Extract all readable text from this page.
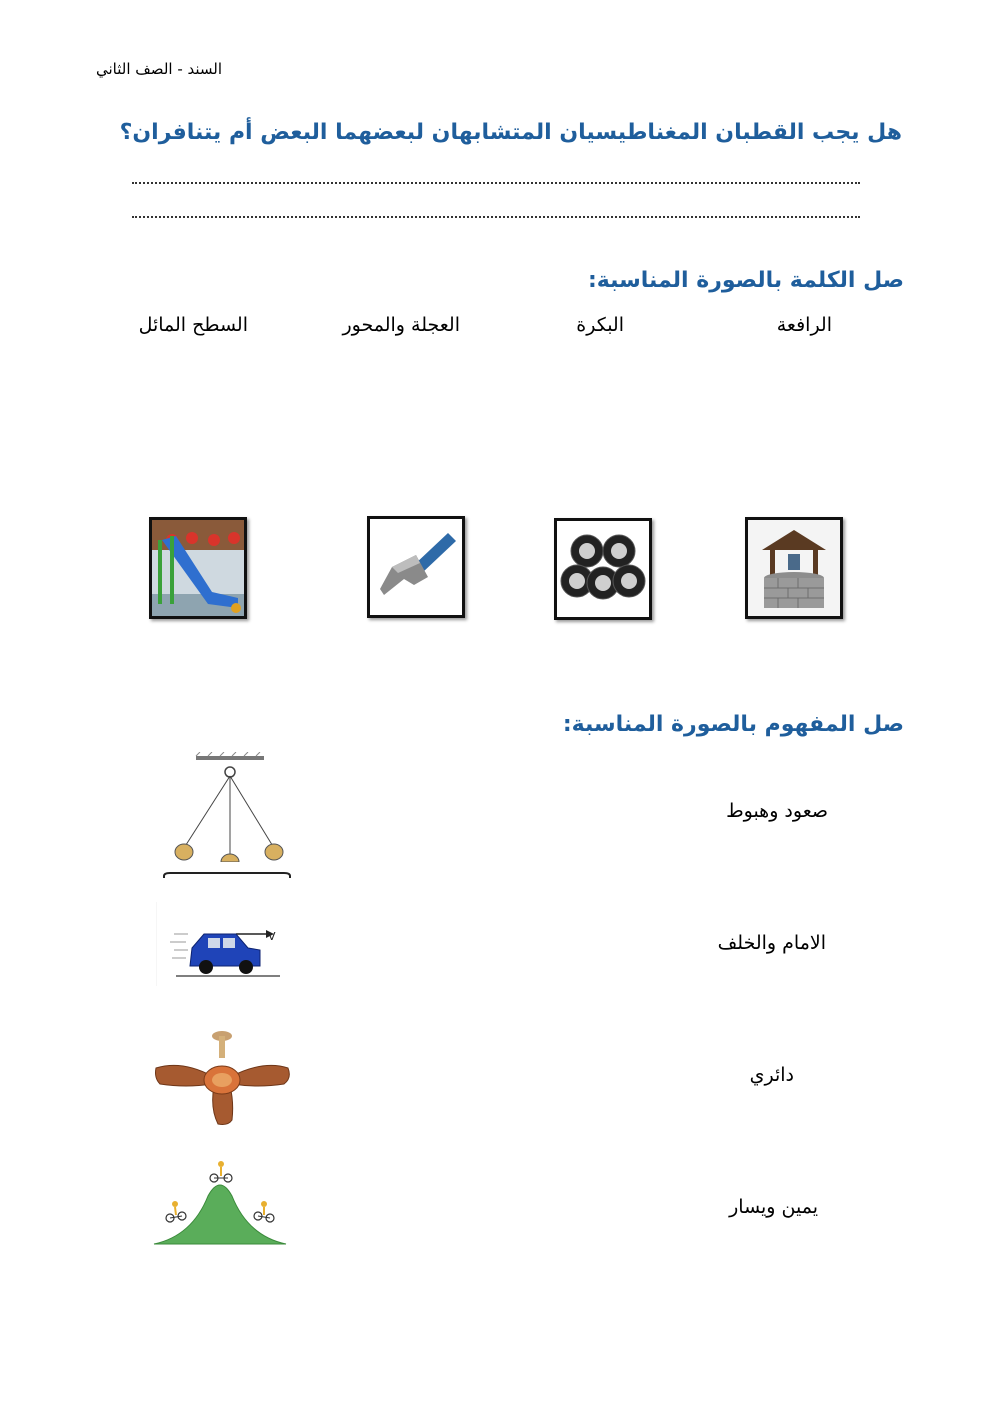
السند - الصف الثاني
هل يجب القطبان المغناطيسيان المتشابهان لبعضهما البعض أم يتنافران؟
صل الكلمة بالصورة المناسبة:
الرافعة
البكرة
العجلة والمحور
السطح المائل
صل المفهوم بالصورة المناسبة:
صعود وهبوط
الامام والخلف
دائري
يمين ويسار
V
